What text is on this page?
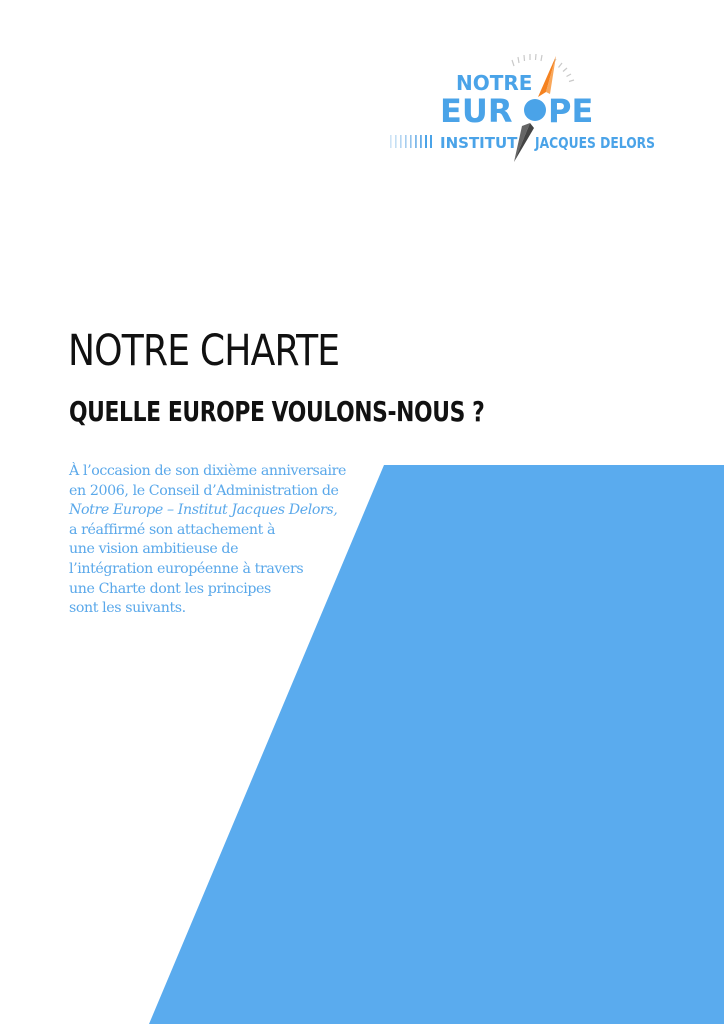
NOTRE
EUR PE
INSTITUT JACQUES DELORS
NOTRE CHARTE
QUELLE EUROPE VOULONS-NOUS ?

À l’occasion de son dixième anniversaire
en 2006, le Conseil d’Administration de
Notre Europe – Institut Jacques Delors,
a réaffirmé son attachement à
une vision ambitieuse de
l’intégration européenne à travers
une Charte dont les principes
sont les suivants.
